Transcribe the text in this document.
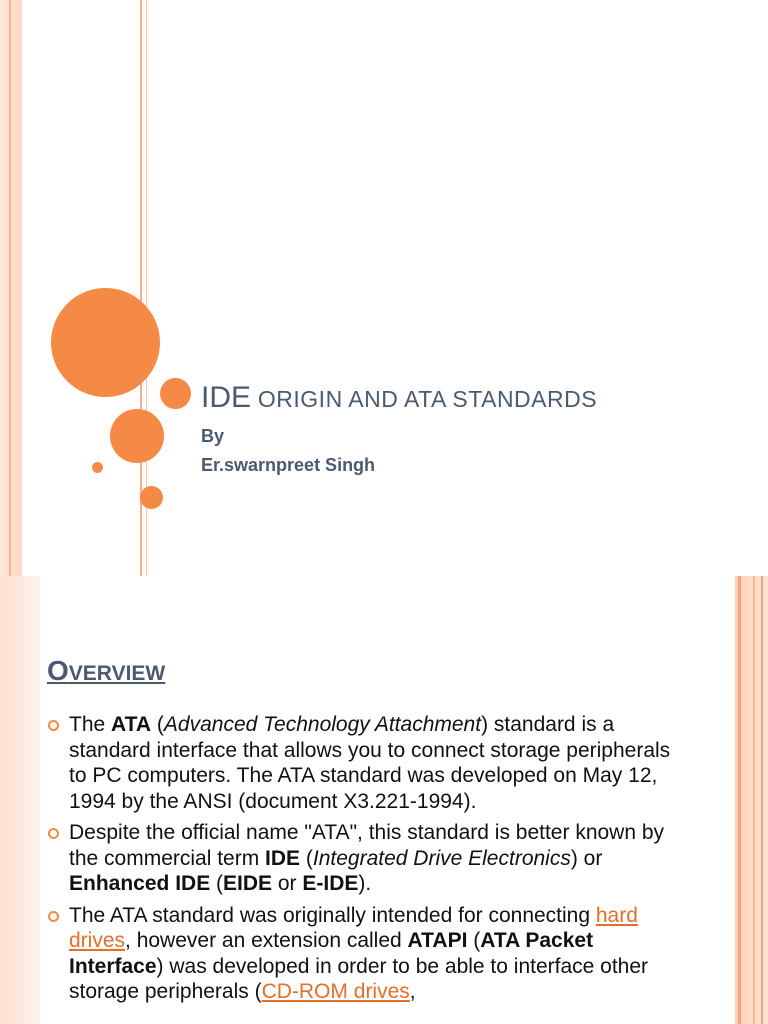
IDE ORIGIN AND ATA STANDARDS
By
Er.swarnpreet Singh
OVERVIEW
The ATA (Advanced Technology Attachment) standard is a standard interface that allows you to connect storage peripherals to PC computers. The ATA standard was developed on May 12, 1994 by the ANSI (document X3.221-1994).
Despite the official name "ATA", this standard is better known by the commercial term IDE (Integrated Drive Electronics) or Enhanced IDE (EIDE or E-IDE).
The ATA standard was originally intended for connecting hard drives, however an extension called ATAPI (ATA Packet Interface) was developed in order to be able to interface other storage peripherals (CD-ROM drives,
